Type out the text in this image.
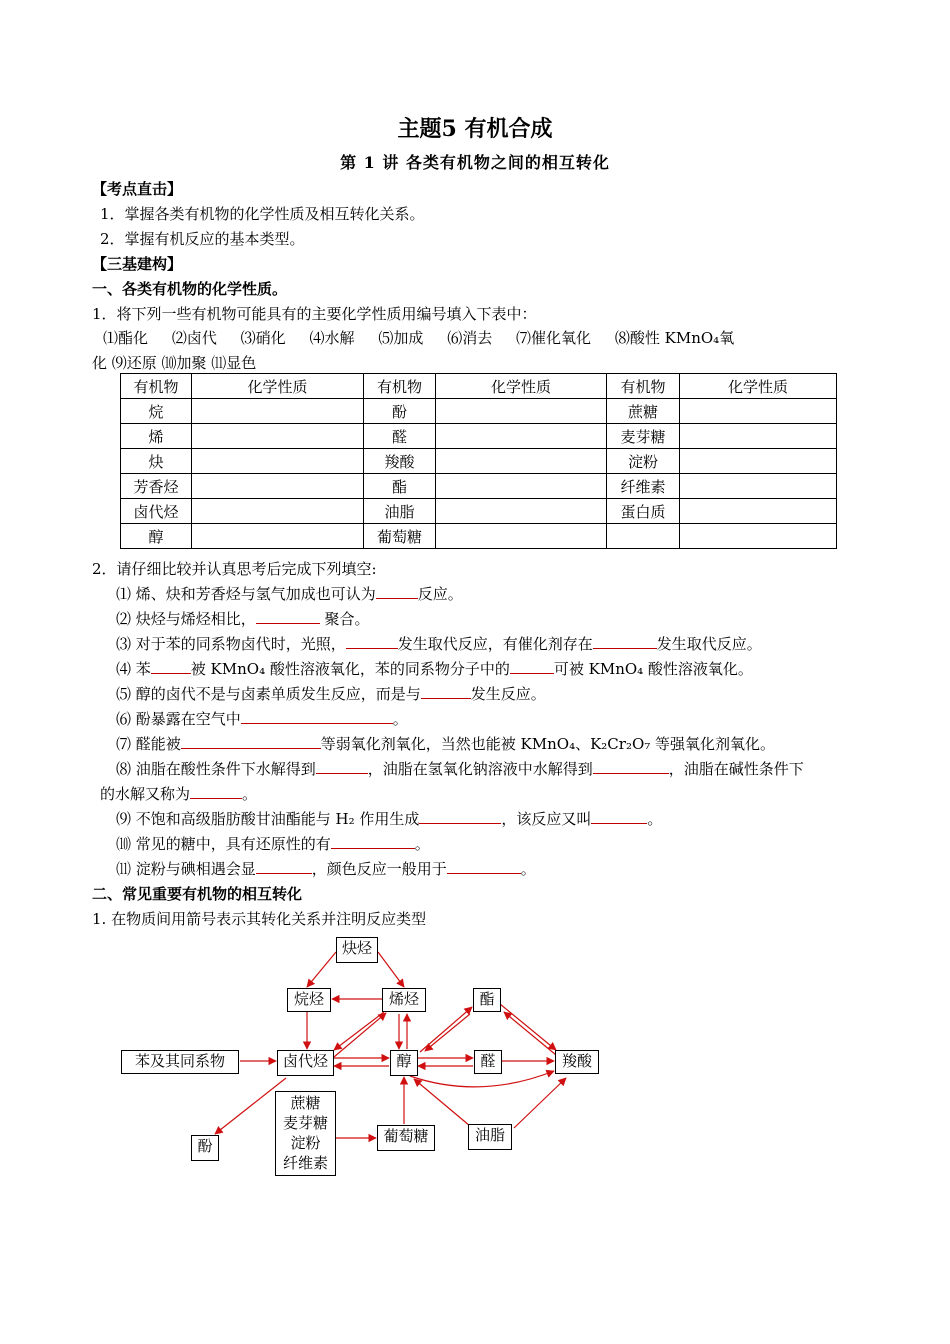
主题5 有机合成
第 1 讲 各类有机物之间的相互转化
【考点直击】
1．掌握各类有机物的化学性质及相互转化关系。
2．掌握有机反应的基本类型。
【三基建构】
一、各类有机物的化学性质。
1．将下列一些有机物可能具有的主要化学性质用编号填入下表中：
⑴酯化     ⑵卤代     ⑶硝化     ⑷水解     ⑸加成     ⑹消去     ⑺催化氧化     ⑻酸性 KMnO₄氧
化 ⑼还原 ⑽加聚 ⑾显色
有机物	化学性质	有机物	化学性质	有机物	化学性质
烷		酚		蔗糖	
烯		醛		麦芽糖	
炔		羧酸		淀粉	
芳香烃		酯		纤维素	
卤代烃		油脂		蛋白质	
醇		葡萄糖			
2．请仔细比较并认真思考后完成下列填空:
⑴ 烯、炔和芳香烃与氢气加成也可认为	反应。
⑵ 炔烃与烯烃相比，	聚合。
⑶ 对于苯的同系物卤代时，光照，	发生取代反应，有催化剂存在	发生取代反应。
⑷ 苯	被 KMnO₄ 酸性溶液氧化，苯的同系物分子中的	可被 KMnO₄ 酸性溶液氧化。
⑸ 醇的卤代不是与卤素单质发生反应，而是与	发生反应。
⑹ 酚暴露在空气中	。
⑺ 醛能被	等弱氧化剂氧化，当然也能被 KMnO₄、K₂Cr₂O₇ 等强氧化剂氧化。
⑻ 油脂在酸性条件下水解得到	，油脂在氢氧化钠溶液中水解得到	，油脂在碱性条件下
的水解又称为	。
⑼ 不饱和高级脂肪酸甘油酯能与 H₂ 作用生成	，该反应又叫	。
⑽ 常见的糖中，具有还原性的有	。
⑾ 淀粉与碘相遇会显	，颜色反应一般用于	。
二、常见重要有机物的相互转化
1. 在物质间用箭号表示其转化关系并注明反应类型
炔烃
烷烃	烯烃	酯
苯及其同系物	卤代烃	醇	醛	羧酸
酚
蔗糖
麦芽糖
淀粉
纤维素
葡萄糖	油脂
